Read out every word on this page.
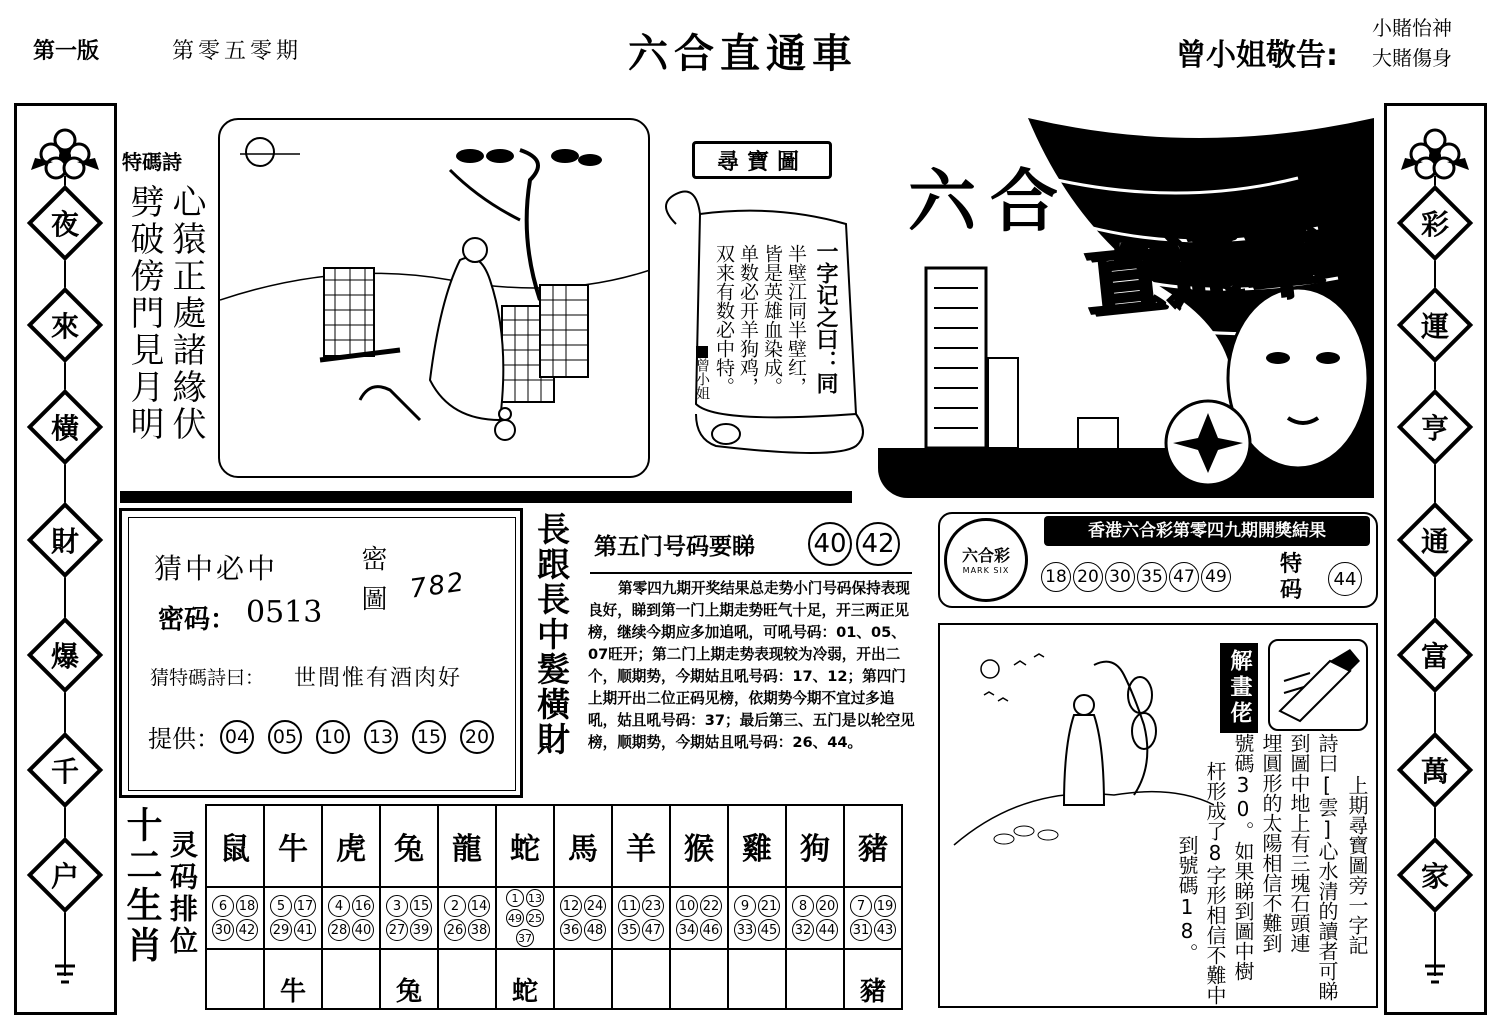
第一版	第零五零期	六合直通車	曾小姐敬告:
小賭怡神
大賭傷身
夜
來
橫
財
爆
千
户
彩
運
亨
通
富
萬
家
特碼詩
心猿正處諸緣伏
劈破傍門見月明
尋寶圖
一字记之曰：同
半壁江同半壁红，
皆是英雄血染成。
单数必开羊狗鸡，
双来有数必中特。
曾小姐
六合
直通車
猜中必中	密圖
密码： 0513
782
猜特碼詩曰： 世間惟有酒肉好
提供： 04 05 10 13 15 20 長跟長中髮橫財 第五门号码要睇 40 42
第零四九期开奖结果总走势小门号码保持表现良好，睇到第一门上期走势旺气十足，开三两正见榜，继续今期应多加追吼，可吼号码：01、05、07旺开；第二门上期走势表现较为冷弱，开出二个，顺期势，今期姑且吼号码：17、12；第四门上期开出二位正码见榜，依期势今期不宜过多追吼，姑且吼号码：37；最后第三、五门是以轮空见榜，顺期势，今期姑且吼号码：26、44。
香港六合彩第零四九期開獎結果
六合彩
MARK SIX	18 20 30 35 47 49 特码	44
解畫佬
上期尋寶圖旁一字記
詩曰[雲]心水清的讀者可睇
到圖中地上有三塊石頭連
埋圓形的太陽相信不難到
號碼30。如果睇到圖中樹
杆形成了8字形相信不難中
到號碼18。
十二生肖 灵码排位 鼠	牛	虎	兔	龍	蛇	馬	羊	猴	雞	狗	豬

6 18
30 42	5 17
29 41	4 16
28 40	3 15
27 39	2 14
26 38	1 13
49 25
37	12 24
36 48	11 23
35 47	10 22
34 46	9 21
33 45	8 20
32 44	7 19
31 43

	牛		兔		蛇						豬
